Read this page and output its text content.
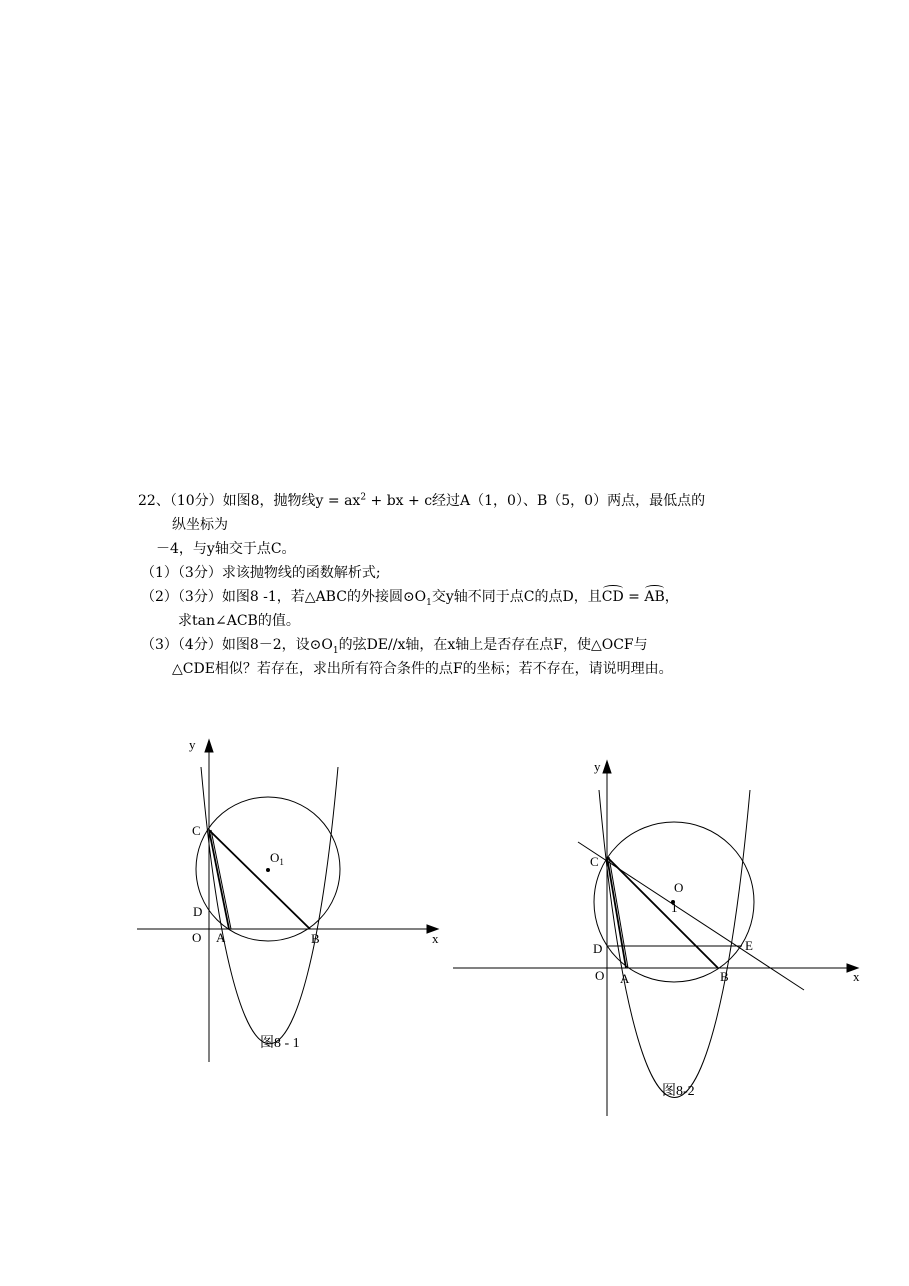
22、（10分）如图8，抛物线$y = ax^2$ + bx + c经过A（1，0）、B（5，0）两点，最低点的
纵坐标为
－4，与y轴交于点C。
（1）（3分）求该抛物线的函数解析式;
（2）（3分）如图8 -1，若△ABC的外接圆$⊙O_1$交y轴不同于点C的点D，且CD = AB，
求tan∠ACB的值。
（3）（4分）如图8－2，设$⊙O_1$的弦DE//x轴，在x轴上是否存在点F，使△OCF与
△CDE相似？若存在，求出所有符合条件的点F的坐标；若不存在，请说明理由。
y
x
C
D
O A	B
$O_1$
图8 - 1
y
x
C
D
O A	B
E
O
1
图8-2
